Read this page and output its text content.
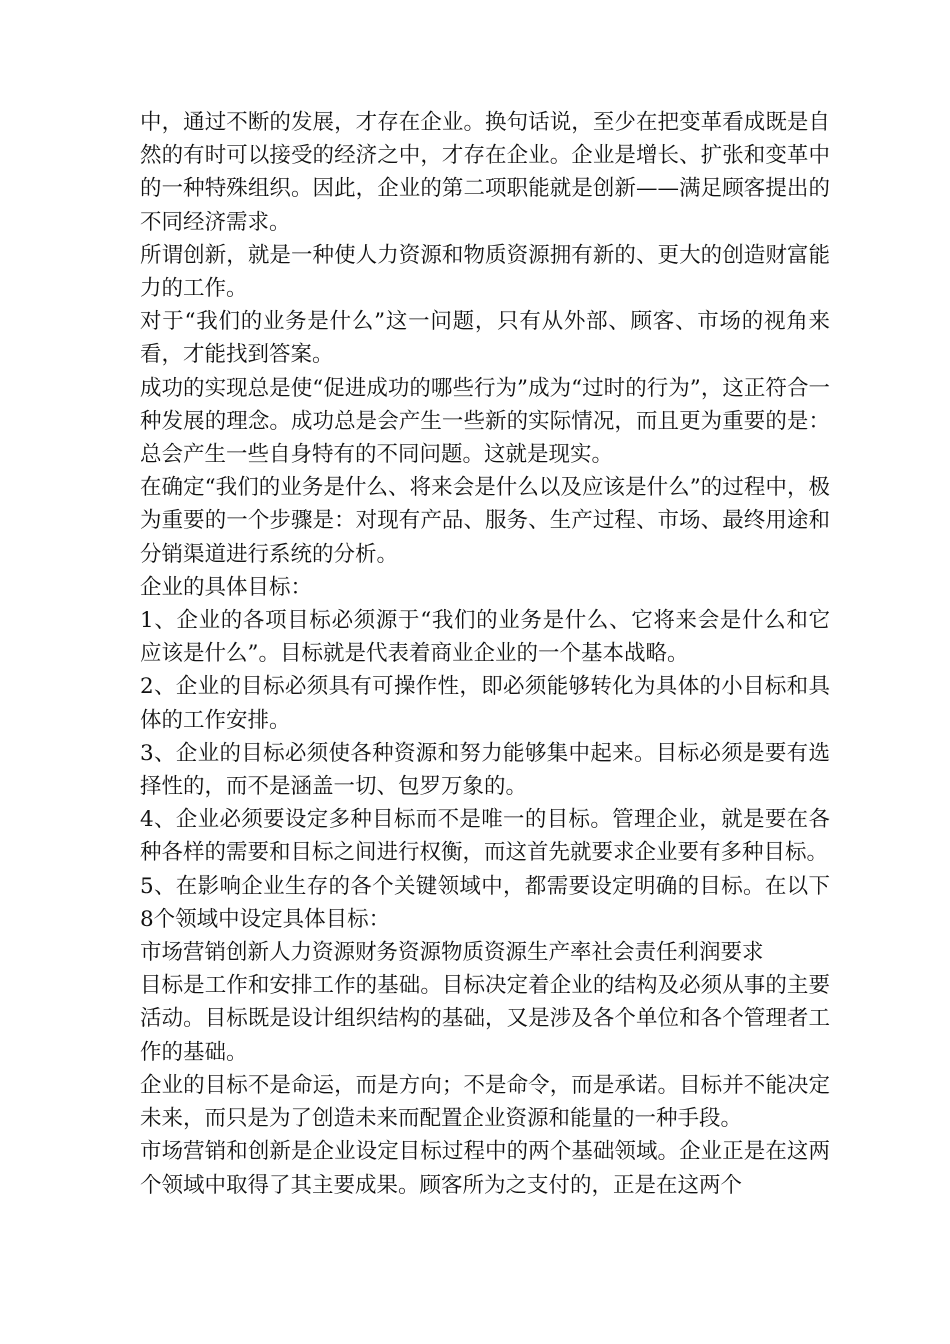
中，通过不断的发展，才存在企业。换句话说，至少在把变革看成既是自然的有时可以接受的经济之中，才存在企业。企业是增长、扩张和变革中的一种特殊组织。因此，企业的第二项职能就是创新——满足顾客提出的不同经济需求。

所谓创新，就是一种使人力资源和物质资源拥有新的、更大的创造财富能力的工作。

对于“我们的业务是什么”这一问题，只有从外部、顾客、市场的视角来看，才能找到答案。

成功的实现总是使“促进成功的哪些行为”成为“过时的行为”，这正符合一种发展的理念。成功总是会产生一些新的实际情况，而且更为重要的是：总会产生一些自身特有的不同问题。这就是现实。

在确定“我们的业务是什么、将来会是什么以及应该是什么”的过程中，极为重要的一个步骤是：对现有产品、服务、生产过程、市场、最终用途和分销渠道进行系统的分析。

企业的具体目标：

1、企业的各项目标必须源于“我们的业务是什么、它将来会是什么和它应该是什么”。目标就是代表着商业企业的一个基本战略。

2、企业的目标必须具有可操作性，即必须能够转化为具体的小目标和具体的工作安排。

3、企业的目标必须使各种资源和努力能够集中起来。目标必须是要有选择性的，而不是涵盖一切、包罗万象的。

4、企业必须要设定多种目标而不是唯一的目标。管理企业，就是要在各种各样的需要和目标之间进行权衡，而这首先就要求企业要有多种目标。

5、在影响企业生存的各个关键领域中，都需要设定明确的目标。在以下8个领域中设定具体目标：

市场营销创新人力资源财务资源物质资源生产率社会责任利润要求

目标是工作和安排工作的基础。目标决定着企业的结构及必须从事的主要活动。目标既是设计组织结构的基础，又是涉及各个单位和各个管理者工作的基础。

企业的目标不是命运，而是方向；不是命令，而是承诺。目标并不能决定未来，而只是为了创造未来而配置企业资源和能量的一种手段。

市场营销和创新是企业设定目标过程中的两个基础领域。企业正是在这两个领域中取得了其主要成果。顾客所为之支付的，正是在这两个
